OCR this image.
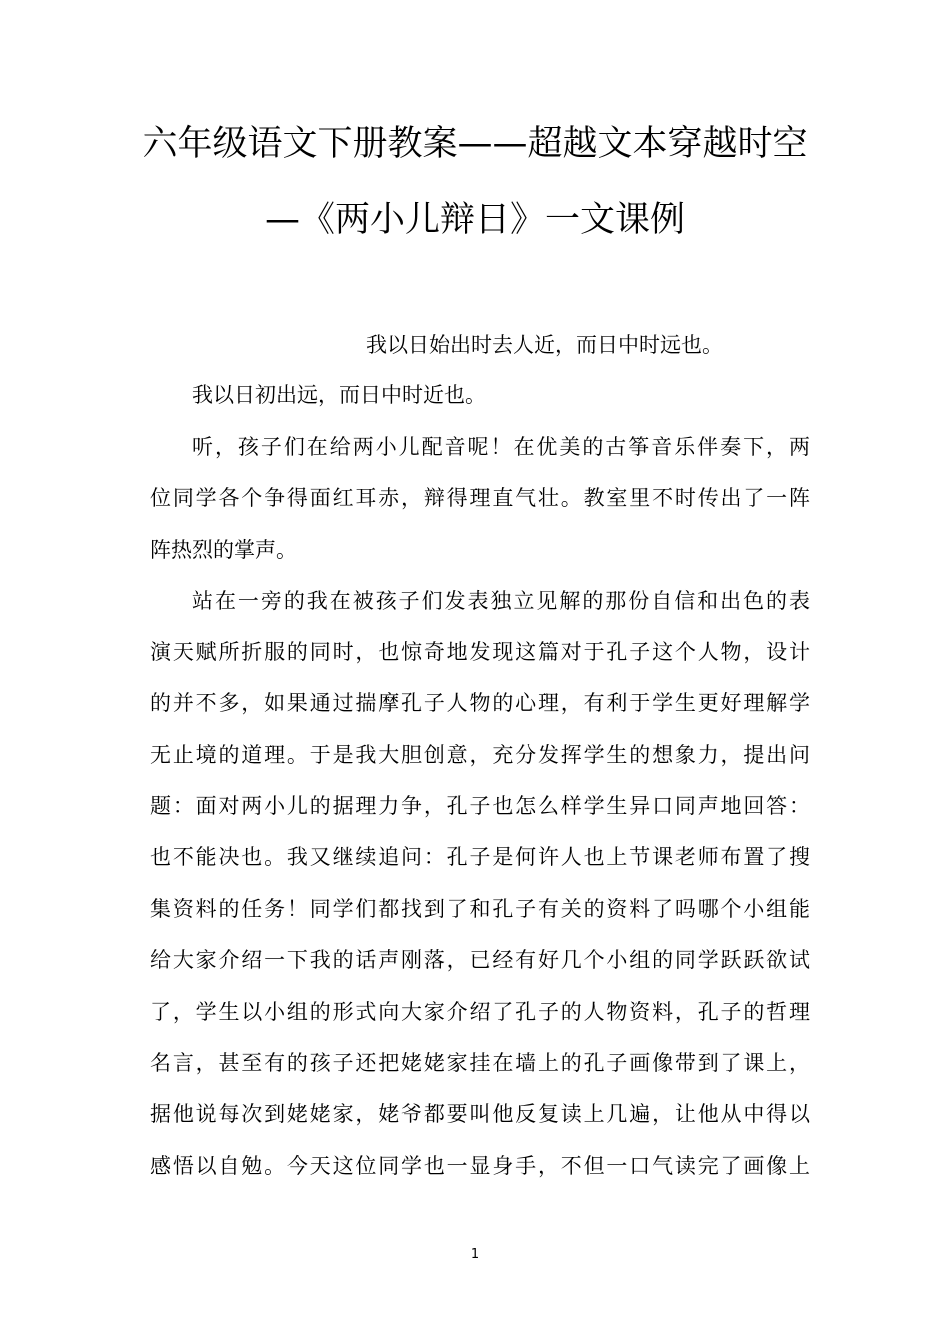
六年级语文下册教案——超越文本穿越时空
—《两小儿辩日》一文课例
我以日始出时去人近，而日中时远也。
我以日初出远，而日中时近也。
听，孩子们在给两小儿配音呢！在优美的古筝音乐伴奏下，两
位同学各个争得面红耳赤，辩得理直气壮。教室里不时传出了一阵
阵热烈的掌声。
站在一旁的我在被孩子们发表独立见解的那份自信和出色的表
演天赋所折服的同时，也惊奇地发现这篇对于孔子这个人物，设计
的并不多，如果通过揣摩孔子人物的心理，有利于学生更好理解学
无止境的道理。于是我大胆创意，充分发挥学生的想象力，提出问
题：面对两小儿的据理力争，孔子也怎么样学生异口同声地回答：
也不能决也。我又继续追问：孔子是何许人也上节课老师布置了搜
集资料的任务！同学们都找到了和孔子有关的资料了吗哪个小组能
给大家介绍一下我的话声刚落，已经有好几个小组的同学跃跃欲试
了，学生以小组的形式向大家介绍了孔子的人物资料，孔子的哲理
名言，甚至有的孩子还把姥姥家挂在墙上的孔子画像带到了课上，
据他说每次到姥姥家，姥爷都要叫他反复读上几遍，让他从中得以
感悟以自勉。今天这位同学也一显身手，不但一口气读完了画像上
1
